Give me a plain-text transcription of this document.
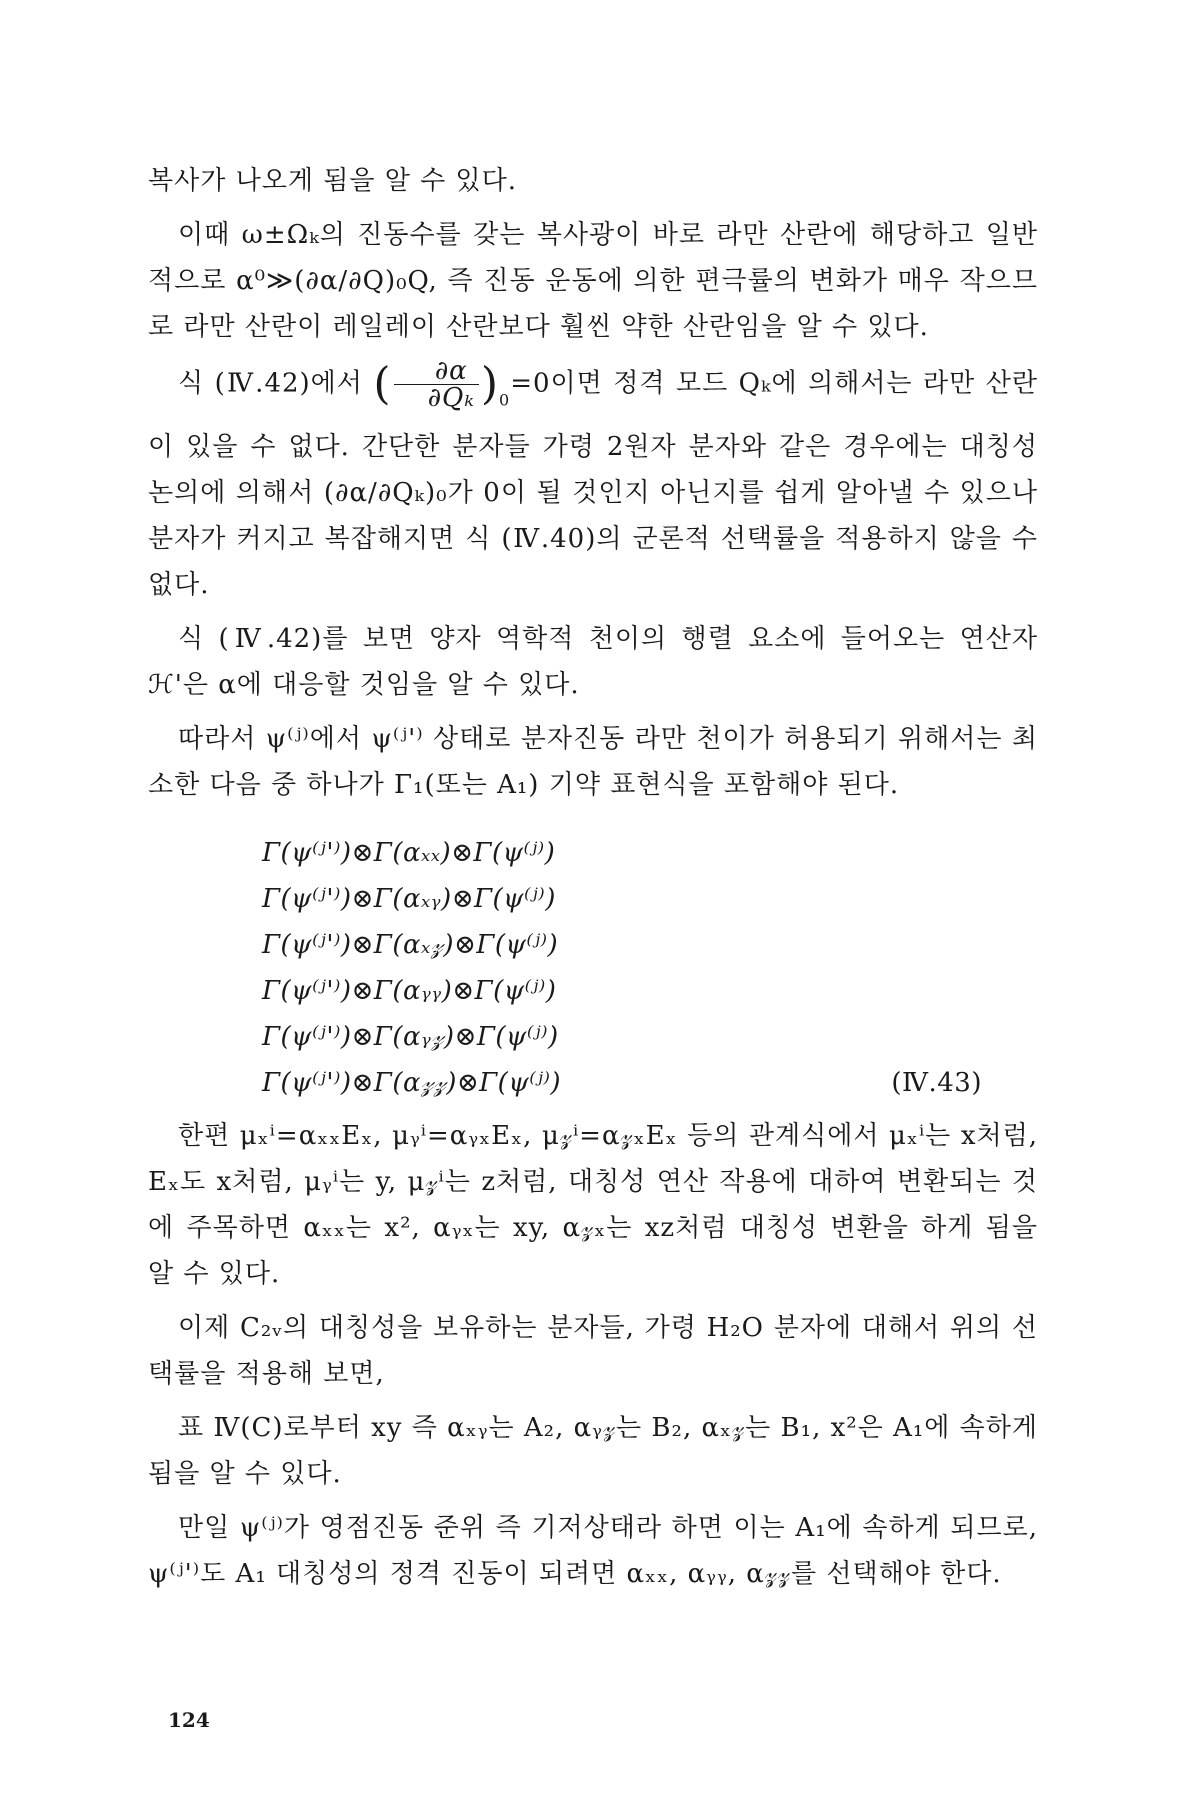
복사가 나오게 됨을 알 수 있다.

이때 ω±Ωₖ의 진동수를 갖는 복사광이 바로 라만 산란에 해당하고 일반적으로 α⁰≫(∂α/∂Q)₀Q, 즉 진동 운동에 의한 편극률의 변화가 매우 작으므로 라만 산란이 레일레이 산란보다 훨씬 약한 산란임을 알 수 있다.

식 (Ⅳ.42)에서 ( $\frac{\partial\alpha}{\text{∂Qₖ}} )_0=0$이면 정격 모드 Qₖ에 의해서는 라만 산란이 있을 수 없다. 간단한 분자들 가령 2원자 분자와 같은 경우에는 대칭성 논의에 의해서 (∂α/∂Qₖ)₀가 0이 될 것인지 아닌지를 쉽게 알아낼 수 있으나 분자가 커지고 복잡해지면 식 (Ⅳ.40)의 군론적 선택률을 적용하지 않을 수 없다.

식 (Ⅳ.42)를 보면 양자 역학적 천이의 행렬 요소에 들어오는 연산자 ℋ'은 α에 대응할 것임을 알 수 있다.

따라서 ψ⁽ʲ⁾에서 ψ⁽ʲ'⁾ 상태로 분자진동 라만 천이가 허용되기 위해서는 최소한 다음 중 하나가 Γ₁(또는 A₁) 기약 표현식을 포함해야 된다.

Γ(ψ⁽ʲ'⁾)⊗Γ(αₓₓ)⊗Γ(ψ⁽ʲ⁾)
Γ(ψ⁽ʲ'⁾)⊗Γ(αₓᵧ)⊗Γ(ψ⁽ʲ⁾)
Γ(ψ⁽ʲ'⁾)⊗Γ(αₓ𝓏)⊗Γ(ψ⁽ʲ⁾)
Γ(ψ⁽ʲ'⁾)⊗Γ(αᵧᵧ)⊗Γ(ψ⁽ʲ⁾)
Γ(ψ⁽ʲ'⁾)⊗Γ(αᵧ𝓏)⊗Γ(ψ⁽ʲ⁾)
Γ(ψ⁽ʲ'⁾)⊗Γ(α𝓏𝓏)⊗Γ(ψ⁽ʲ⁾)	(Ⅳ.43)

한편 μₓⁱ=αₓₓEₓ, μᵧⁱ=αᵧₓEₓ, μ𝓏ⁱ=α𝓏ₓEₓ 등의 관계식에서 μₓⁱ는 x처럼, Eₓ도 x처럼, μᵧⁱ는 y, μ𝓏ⁱ는 z처럼, 대칭성 연산 작용에 대하여 변환되는 것에 주목하면 αₓₓ는 x², αᵧₓ는 xy, α𝓏ₓ는 xz처럼 대칭성 변환을 하게 됨을 알 수 있다.

이제 C₂ᵥ의 대칭성을 보유하는 분자들, 가령 H₂O 분자에 대해서 위의 선택률을 적용해 보면,

표 Ⅳ(C)로부터 xy 즉 αₓᵧ는 A₂, αᵧ𝓏는 B₂, αₓ𝓏는 B₁, x²은 A₁에 속하게 됨을 알 수 있다.

만일 ψ⁽ʲ⁾가 영점진동 준위 즉 기저상태라 하면 이는 A₁에 속하게 되므로, ψ⁽ʲ'⁾도 A₁ 대칭성의 정격 진동이 되려면 αₓₓ, αᵧᵧ, α𝓏𝓏를 선택해야 한다.

124
